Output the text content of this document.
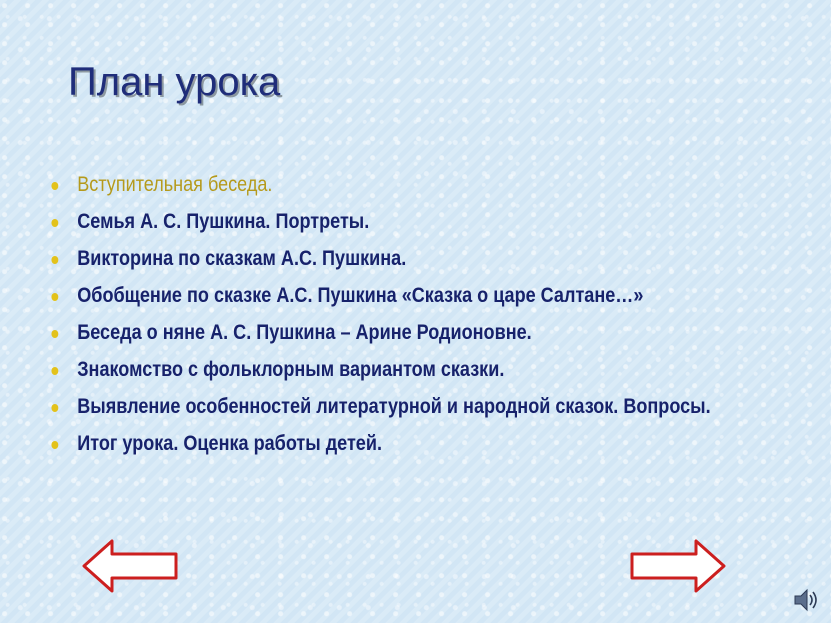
План урока
Вступительная беседа.
Семья А. С. Пушкина. Портреты.
Викторина по сказкам А.С. Пушкина.
Обобщение по сказке А.С. Пушкина «Сказка о царе Салтане…»
Беседа о няне А. С. Пушкина – Арине Родионовне.
Знакомство с фольклорным вариантом сказки.
Выявление особенностей литературной и народной сказок. Вопросы.
Итог урока. Оценка работы детей.
